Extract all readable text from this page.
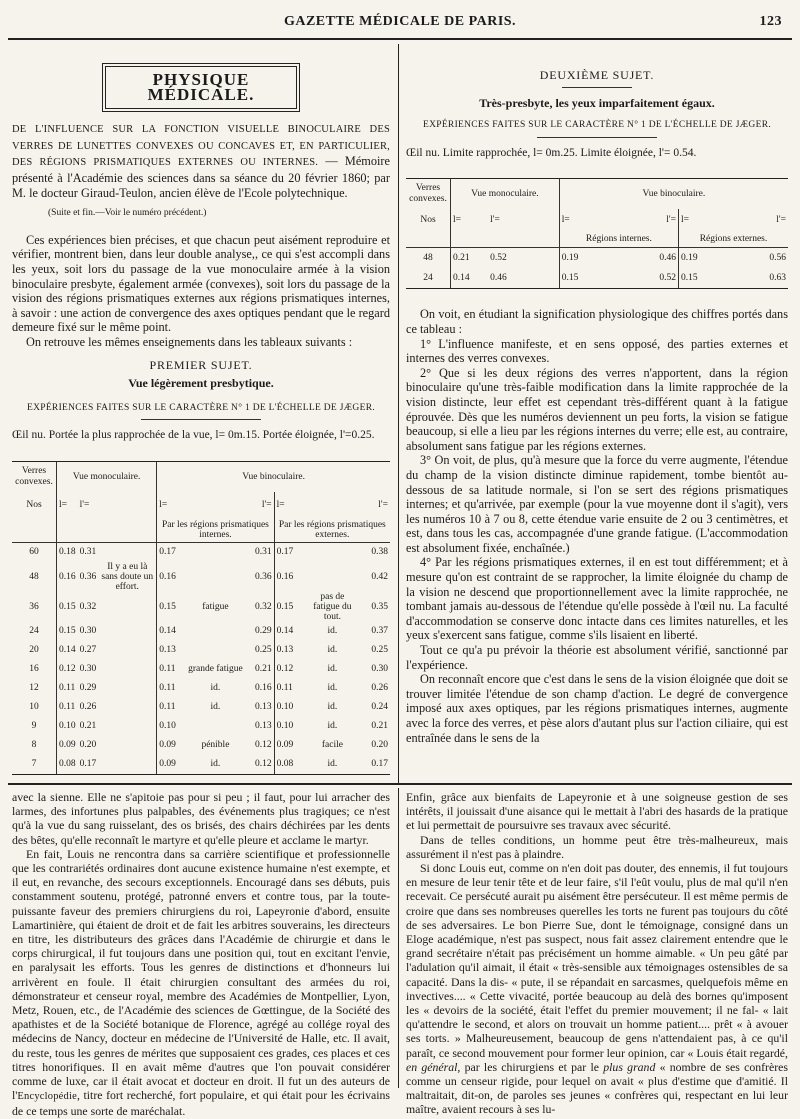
GAZETTE MÉDICALE DE PARIS.	123
PHYSIQUE MÉDICALE.

DE L'INFLUENCE SUR LA FONCTION VISUELLE BINOCULAIRE DES VERRES DE LUNETTES CONVEXES OU CONCAVES ET, EN PARTICULIER, DES RÉGIONS PRISMATIQUES EXTERNES OU INTERNES. — Mémoire présenté à l'Académie des sciences dans sa séance du 20 février 1860; par M. le docteur Giraud-Teulon, ancien élève de l'Ecole polytechnique.

(Suite et fin.—Voir le numéro précédent.)

Ces expériences bien précises, et que chacun peut aisément reproduire et vérifier, montrent bien, dans leur double analyse,, ce qui s'est accompli dans les yeux, soit lors du passage de la vue monoculaire armée à la vision binoculaire presbyte, également armée (convexes), soit lors du passage de la vision des régions prismatiques externes aux régions prismatiques internes, à savoir : une action de convergence des axes optiques pendant que le regard demeure fixé sur le même point.

On retrouve les mêmes enseignements dans les tableaux suivants :

PREMIER SUJET.
Vue légèrement presbytique.
EXPÉRIENCES FAITES SUR LE CARACTÈRE N° 1 DE L'ÉCHELLE DE JÆGER.

Œil nu. Portée la plus rapprochée de la vue, l= 0m.15. Portée éloignée, l'=0.25.

Verres convexes.	Vue monoculaire.			Vue binoculaire.					

Nos	l=	l'=		l=		l'=	l=		l'=
				Par les régions prismatiques internes.			Par les régions prismatiques externes.		
60	0.18	0.31		0.17		0.31	0.17		0.38
48	0.16	0.36	Il y a eu là sans doute un effort.	0.16		0.36	0.16		0.42
36	0.15	0.32		0.15	fatigue	0.32	0.15	pas de fatigue du tout.	0.35
24	0.15	0.30		0.14		0.29	0.14	id.	0.37
20	0.14	0.27		0.13		0.25	0.13	id.	0.25
16	0.12	0.30		0.11	grande fatigue	0.21	0.12	id.	0.30
12	0.11	0.29		0.11	id.	0.16	0.11	id.	0.26
10	0.11	0.26		0.11	id.	0.13	0.10	id.	0.24
9	0.10	0.21		0.10		0.13	0.10	id.	0.21
8	0.09	0.20		0.09	pénible	0.12	0.09	facile	0.20
7	0.08	0.17		0.09	id.	0.12	0.08	id.	0.17
DEUXIÈME SUJET.
Très-presbyte, les yeux imparfaitement égaux.
EXPÉRIENCES FAITES SUR LE CARACTÈRE N° 1 DE L'ÉCHELLE DE JÆGER.

Œil nu. Limite rapprochée, l= 0m.25. Limite éloignée, l'= 0.54.

Verres convexes.	Vue monoculaire.			Vue binoculaire.					
Nos	l=	l'=		l=		l'=	l=		l'=
				Régions internes.			Régions externes.		
48	0.21	0.52		0.19		0.46	0.19		0.56
24	0.14	0.46		0.15		0.52	0.15		0.63

On voit, en étudiant la signification physiologique des chiffres portés dans ce tableau :

1° L'influence manifeste, et en sens opposé, des parties externes et internes des verres convexes.

2° Que si les deux régions des verres n'apportent, dans la région binoculaire qu'une très-faible modification dans la limite rapprochée de la vision distincte, leur effet est cependant très-différent quant à la fatigue éprouvée. Dès que les numéros deviennent un peu forts, la vision se fatigue beaucoup, si elle a lieu par les régions internes du verre; elle est, au contraire, absolument sans fatigue par les régions externes.

3° On voit, de plus, qu'à mesure que la force du verre augmente, l'étendue du champ de la vision distincte diminue rapidement, tombe bientôt au-dessous de sa latitude normale, si l'on se sert des régions prismatiques internes; et qu'arrivée, par exemple (pour la vue moyenne dont il s'agit), vers les numéros 10 à 7 ou 8, cette étendue varie ensuite de 2 ou 3 centimètres, et est, dans tous les cas, accompagnée d'une grande fatigue. (L'accommodation est absolument fixée, enchaînée.)

4° Par les régions prismatiques externes, il en est tout différemment; et à mesure qu'on est contraint de se rapprocher, la limite éloignée du champ de la vision ne descend que proportionnellement avec la limite rapprochée, ne tombant jamais au-dessous de l'étendue qu'elle possède à l'œil nu. La faculté d'accommodation se conserve donc intacte dans ces limites naturelles, et les yeux s'exercent sans fatigue, comme s'ils lisaient en liberté.

Tout ce qu'a pu prévoir la théorie est absolument vérifié, sanctionné par l'expérience.

On reconnaît encore que c'est dans le sens de la vision éloignée que doit se trouver limitée l'étendue de son champ d'action. Le degré de convergence imposé aux axes optiques, par les régions prismatiques internes, augmente avec la force des verres, et pèse alors d'autant plus sur l'action ciliaire, qui est entraînée dans le sens de la

avec la sienne. Elle ne s'apitoie pas pour si peu ; il faut, pour lui arracher des larmes, des infortunes plus palpables, des événements plus tragiques; ce n'est qu'à la vue du sang ruisselant, des os brisés, des chairs déchirées par les dents des bêtes, qu'elle reconnaît le martyre et qu'elle pleure et acclame le martyr.

En fait, Louis ne rencontra dans sa carrière scientifique et professionnelle que les contrariétés ordinaires dont aucune existence humaine n'est exempte, et il eut, en revanche, des secours exceptionnels. Encouragé dans ses débuts, puis constamment soutenu, protégé, patronné envers et contre tous, par la toute-puissante faveur des premiers chirurgiens du roi, Lapeyronie d'abord, ensuite Lamartinière, qui étaient de droit et de fait les arbitres souverains, les directeurs en titre, les distributeurs des grâces dans l'Académie de chirurgie et dans le corps chirurgical, il fut toujours dans une position qui, tout en excitant l'envie, en paralysait les efforts. Tous les genres de distinctions et d'honneurs lui arrivèrent en foule. Il était chirurgien consultant des armées du roi, démonstrateur et censeur royal, membre des Académies de Montpellier, Lyon, Metz, Rouen, etc., de l'Académie des sciences de Gœttingue, de la Société des apathistes et de la Société botanique de Florence, agrégé au collége royal des médecins de Nancy, docteur en médecine de l'Université de Halle, etc. Il avait, du reste, tous les genres de mérites que supposaient ces grades, ces places et ces titres honorifiques. Il en avait même d'autres que l'on pouvait considérer comme de luxe, car il était avocat et docteur en droit. Il fut un des auteurs de l'Encyclopédie, titre fort recherché, fort populaire, et qui était pour les écrivains de ce temps une sorte de maréchalat.

Enfin, grâce aux bienfaits de Lapeyronie et à une soigneuse gestion de ses intérêts, il jouissait d'une aisance qui le mettait à l'abri des hasards de la pratique et lui permettait de poursuivre ses travaux avec sécurité.

Dans de telles conditions, un homme peut être très-malheureux, mais assurément il n'est pas à plaindre.

Si donc Louis eut, comme on n'en doit pas douter, des ennemis, il fut toujours en mesure de leur tenir tête et de leur faire, s'il l'eût voulu, plus de mal qu'il n'en recevait. Ce persécuté aurait pu aisément être persécuteur. Il est même permis de croire que dans ses nombreuses querelles les torts ne furent pas toujours du côté de ses adversaires. Le bon Pierre Sue, dont le témoignage, consigné dans un Eloge académique, n'est pas suspect, nous fait assez clairement entendre que le grand secrétaire n'était pas précisément un homme aimable. « Un peu gâté par l'adulation qu'il aimait, il était « très-sensible aux témoignages ostensibles de sa capacité. Dans la dis- « pute, il se répandait en sarcasmes, quelquefois même en invectives.... « Cette vivacité, portée beaucoup au delà des bornes qu'imposent les « devoirs de la société, était l'effet du premier mouvement; il ne fal- « lait qu'attendre le second, et alors on trouvait un homme patient.... prêt « à avouer ses torts. » Malheureusement, beaucoup de gens n'attendaient pas, à ce qu'il paraît, ce second mouvement pour former leur opinion, car « Louis était regardé, en général, par les chirurgiens et par le plus grand « nombre de ses confrères comme un censeur rigide, pour lequel on avait « plus d'estime que d'amitié. Il maltraitait, dit-on, de paroles ses jeunes « confrères qui, respectant en lui leur maître, avaient recours à ses lu-
